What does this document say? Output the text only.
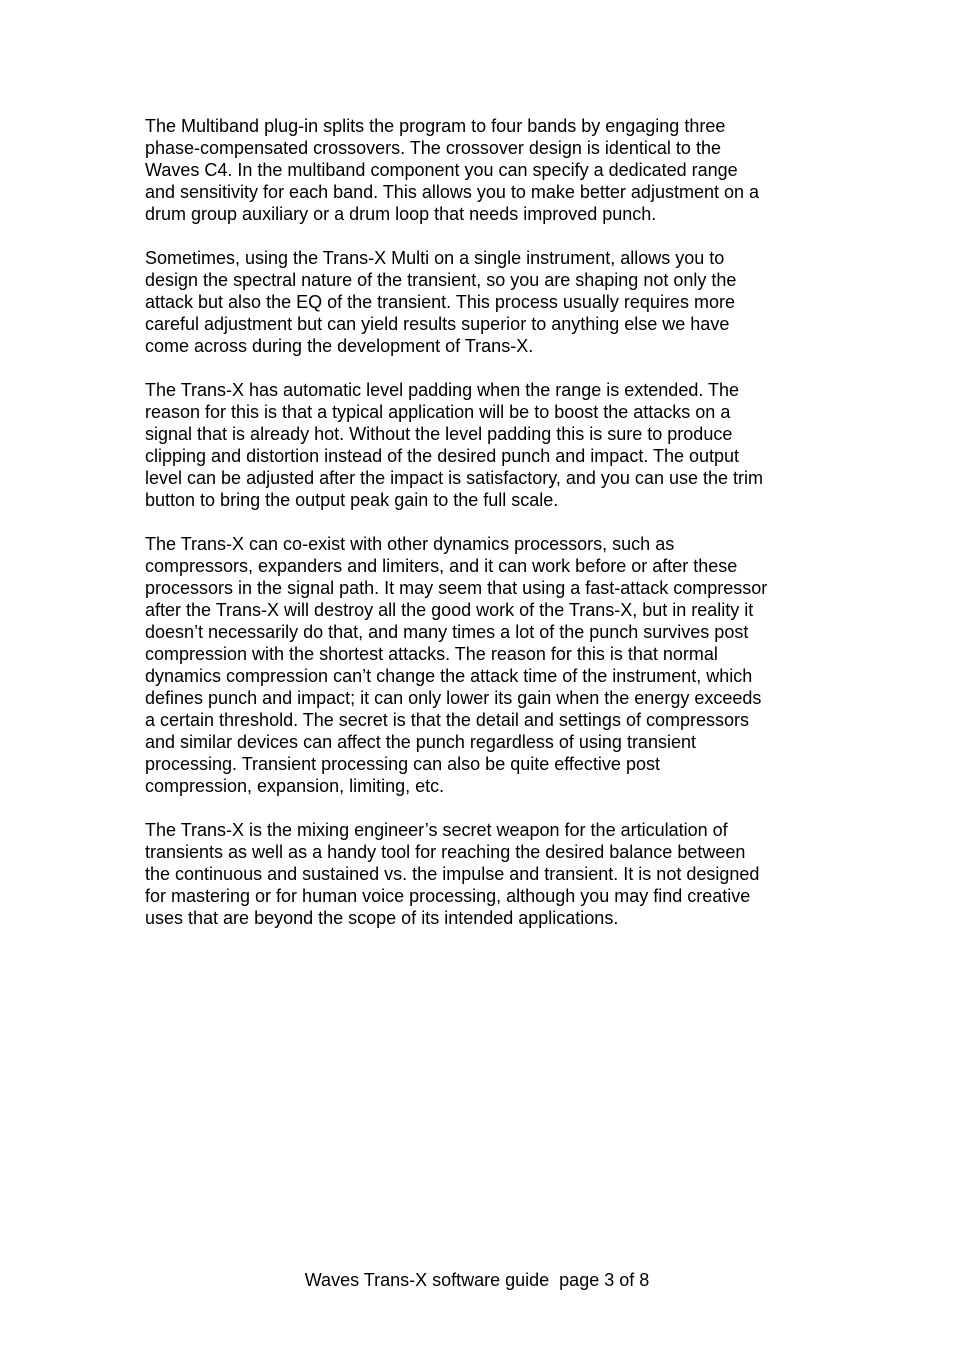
The Multiband plug-in splits the program to four bands by engaging three
phase-compensated crossovers. The crossover design is identical to the
Waves C4. In the multiband component you can specify a dedicated range
and sensitivity for each band. This allows you to make better adjustment on a
drum group auxiliary or a drum loop that needs improved punch.

Sometimes, using the Trans-X Multi on a single instrument, allows you to
design the spectral nature of the transient, so you are shaping not only the
attack but also the EQ of the transient. This process usually requires more
careful adjustment but can yield results superior to anything else we have
come across during the development of Trans-X.

The Trans-X has automatic level padding when the range is extended. The
reason for this is that a typical application will be to boost the attacks on a
signal that is already hot. Without the level padding this is sure to produce
clipping and distortion instead of the desired punch and impact. The output
level can be adjusted after the impact is satisfactory, and you can use the trim
button to bring the output peak gain to the full scale.

The Trans-X can co-exist with other dynamics processors, such as
compressors, expanders and limiters, and it can work before or after these
processors in the signal path. It may seem that using a fast-attack compressor
after the Trans-X will destroy all the good work of the Trans-X, but in reality it
doesn’t necessarily do that, and many times a lot of the punch survives post
compression with the shortest attacks. The reason for this is that normal
dynamics compression can’t change the attack time of the instrument, which
defines punch and impact; it can only lower its gain when the energy exceeds
a certain threshold. The secret is that the detail and settings of compressors
and similar devices can affect the punch regardless of using transient
processing. Transient processing can also be quite effective post
compression, expansion, limiting, etc.

The Trans-X is the mixing engineer’s secret weapon for the articulation of
transients as well as a handy tool for reaching the desired balance between
the continuous and sustained vs. the impulse and transient. It is not designed
for mastering or for human voice processing, although you may find creative
uses that are beyond the scope of its intended applications.

Waves Trans-X software guide  page 3 of 8
